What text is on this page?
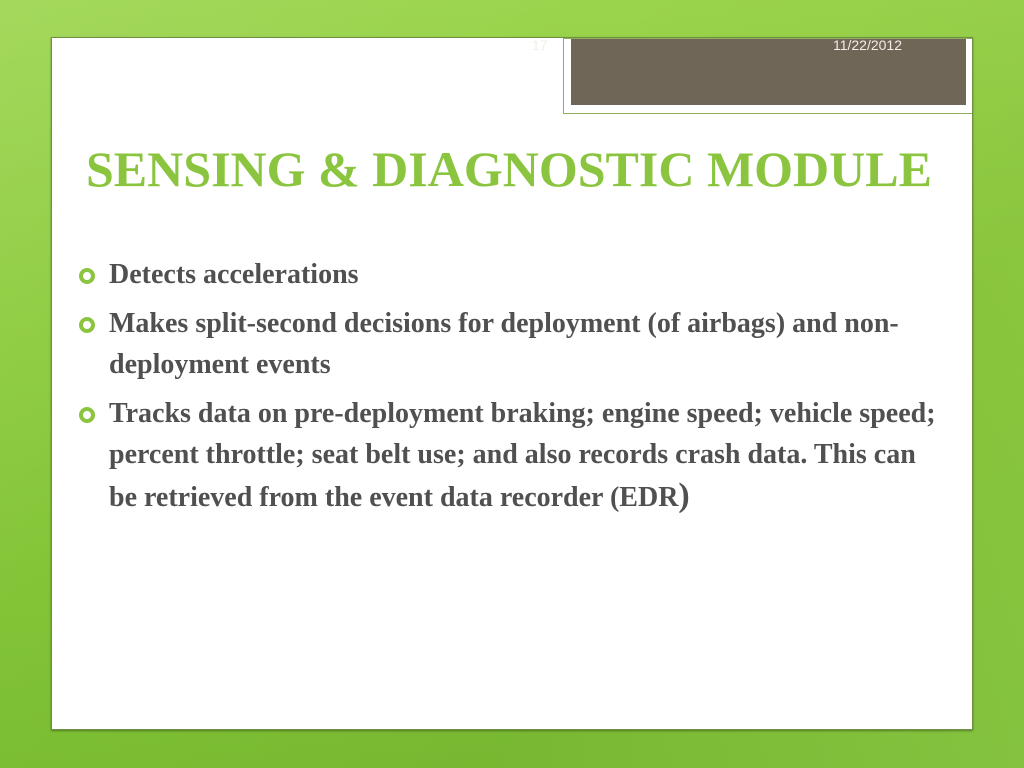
17	11/22/2012
SENSING & DIAGNOSTIC MODULE
Detects accelerations
Makes split-second decisions for deployment (of airbags) and non-deployment events
Tracks data on pre-deployment braking; engine speed; vehicle speed; percent throttle; seat belt use; and also records crash data. This can be retrieved from the event data recorder (EDR)
